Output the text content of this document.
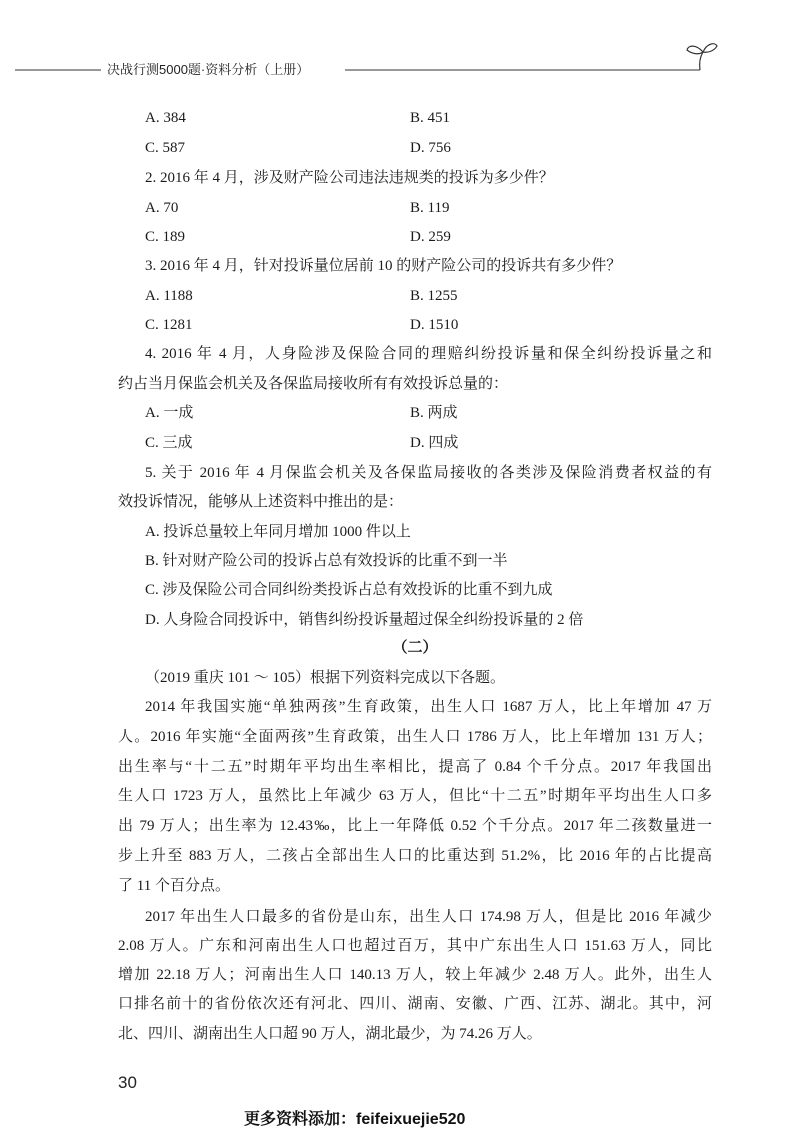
决战行测5000题·资料分析（上册）
A. 384	B. 451
C. 587	D. 756
2. 2016 年 4 月，涉及财产险公司违法违规类的投诉为多少件？
A. 70	B. 119
C. 189	D. 259
3. 2016 年 4 月，针对投诉量位居前 10 的财产险公司的投诉共有多少件？
A. 1188	B. 1255
C. 1281	D. 1510
4. 2016 年 4 月，人身险涉及保险合同的理赔纠纷投诉量和保全纠纷投诉量之和
约占当月保监会机关及各保监局接收所有有效投诉总量的：
A. 一成	B. 两成
C. 三成	D. 四成
5. 关于 2016 年 4 月保监会机关及各保监局接收的各类涉及保险消费者权益的有
效投诉情况，能够从上述资料中推出的是：
A. 投诉总量较上年同月增加 1000 件以上
B. 针对财产险公司的投诉占总有效投诉的比重不到一半
C. 涉及保险公司合同纠纷类投诉占总有效投诉的比重不到九成
D. 人身险合同投诉中，销售纠纷投诉量超过保全纠纷投诉量的 2 倍
（二）
（2019 重庆 101 ～ 105）根据下列资料完成以下各题。
2014 年我国实施“单独两孩”生育政策，出生人口 1687 万人，比上年增加 47 万
人。2016 年实施“全面两孩”生育政策，出生人口 1786 万人，比上年增加 131 万人；
出生率与“十二五”时期年平均出生率相比，提高了 0.84 个千分点。2017 年我国出
生人口 1723 万人，虽然比上年减少 63 万人，但比“十二五”时期年平均出生人口多
出 79 万人；出生率为 12.43‰，比上一年降低 0.52 个千分点。2017 年二孩数量进一
步上升至 883 万人，二孩占全部出生人口的比重达到 51.2%，比 2016 年的占比提高
了 11 个百分点。
2017 年出生人口最多的省份是山东，出生人口 174.98 万人，但是比 2016 年减少
2.08 万人。广东和河南出生人口也超过百万，其中广东出生人口 151.63 万人，同比
增加 22.18 万人；河南出生人口 140.13 万人，较上年减少 2.48 万人。此外，出生人
口排名前十的省份依次还有河北、四川、湖南、安徽、广西、江苏、湖北。其中，河
北、四川、湖南出生人口超 90 万人，湖北最少，为 74.26 万人。
30
更多资料添加：feifeixuejie520
